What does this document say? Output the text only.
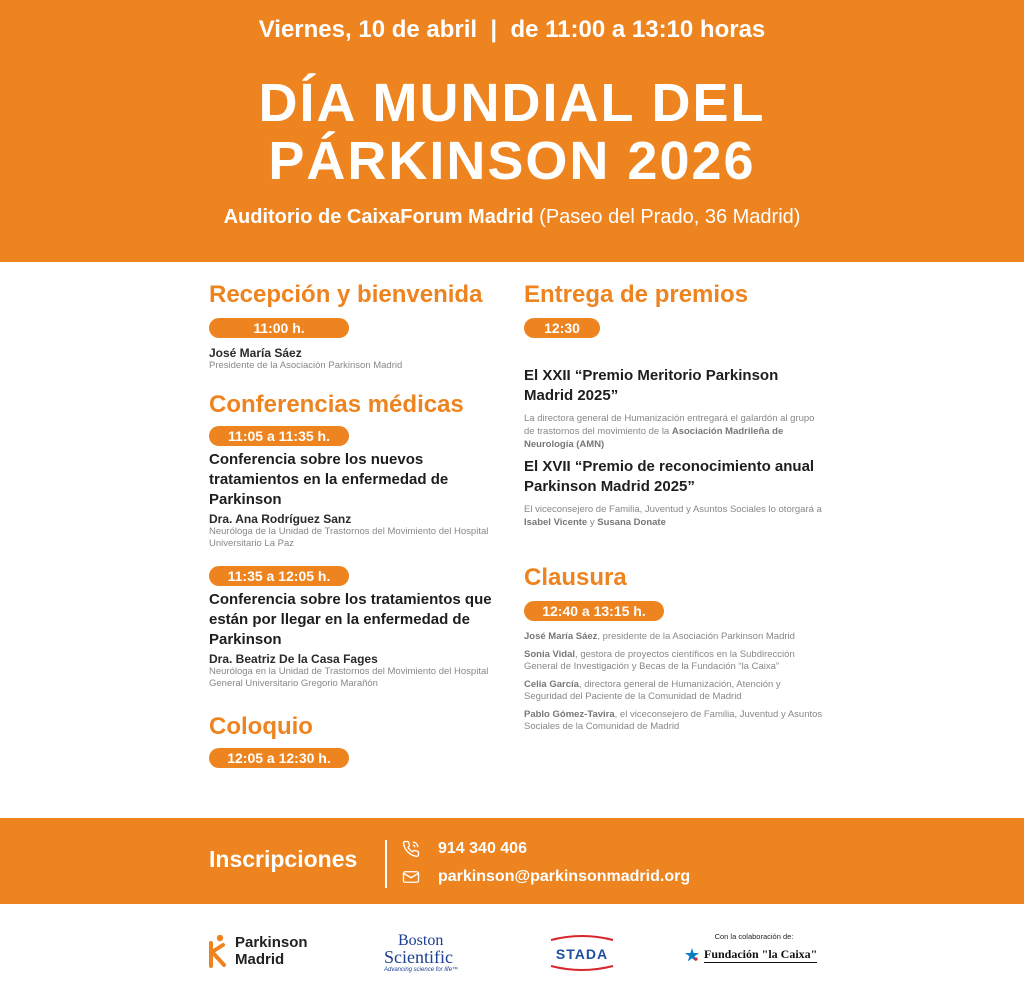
Viernes, 10 de abril  |  de 11:00 a 13:10 horas
DÍA MUNDIAL DEL
PÁRKINSON 2026
Auditorio de CaixaForum Madrid (Paseo del Prado, 36 Madrid)
Recepción y bienvenida
11:00 h.
José María Sáez
Presidente de la Asociación Parkinson Madrid
Conferencias médicas
11:05 a 11:35 h.
Conferencia sobre los nuevos tratamientos en la enfermedad de Parkinson
Dra. Ana Rodríguez Sanz
Neuróloga de la Unidad de Trastornos del Movimiento del Hospital Universitario La Paz
11:35 a 12:05 h.
Conferencia sobre los tratamientos que están por llegar en la enfermedad de Parkinson
Dra. Beatriz De la Casa Fages
Neuróloga en la Unidad de Trastornos del Movimiento del Hospital General Universitario Gregorio Marañón
Coloquio
12:05 a 12:30 h.
Entrega de premios
12:30 h.
El XXII “Premio Meritorio Parkinson Madrid 2025”
La directora general de Humanización entregará el galardón al grupo de trastornos del movimiento de la Asociación Madrileña de Neurología (AMN)
El XVII “Premio de reconocimiento anual Parkinson Madrid 2025”
El viceconsejero de Familia, Juventud y Asuntos Sociales lo otorgará a Isabel Vicente y Susana Donate
Clausura
12:40 a 13:15 h.
José María Sáez, presidente de la Asociación Parkinson Madrid
Sonia Vidal, gestora de proyectos científicos en la Subdirección General de Investigación y Becas de la Fundación “la Caixa”
Celia García, directora general de Humanización, Atención y Seguridad del Paciente de la Comunidad de Madrid
Pablo Gómez-Tavira, el viceconsejero de Familia, Juventud y Asuntos Sociales de la Comunidad de Madrid
Inscripciones	914 340 406
parkinson@parkinsonmadrid.org
Parkinson
Madrid
Boston
Scientific
Advancing science for life™
STADA
Con la colaboración de:
Fundación "la Caixa"
